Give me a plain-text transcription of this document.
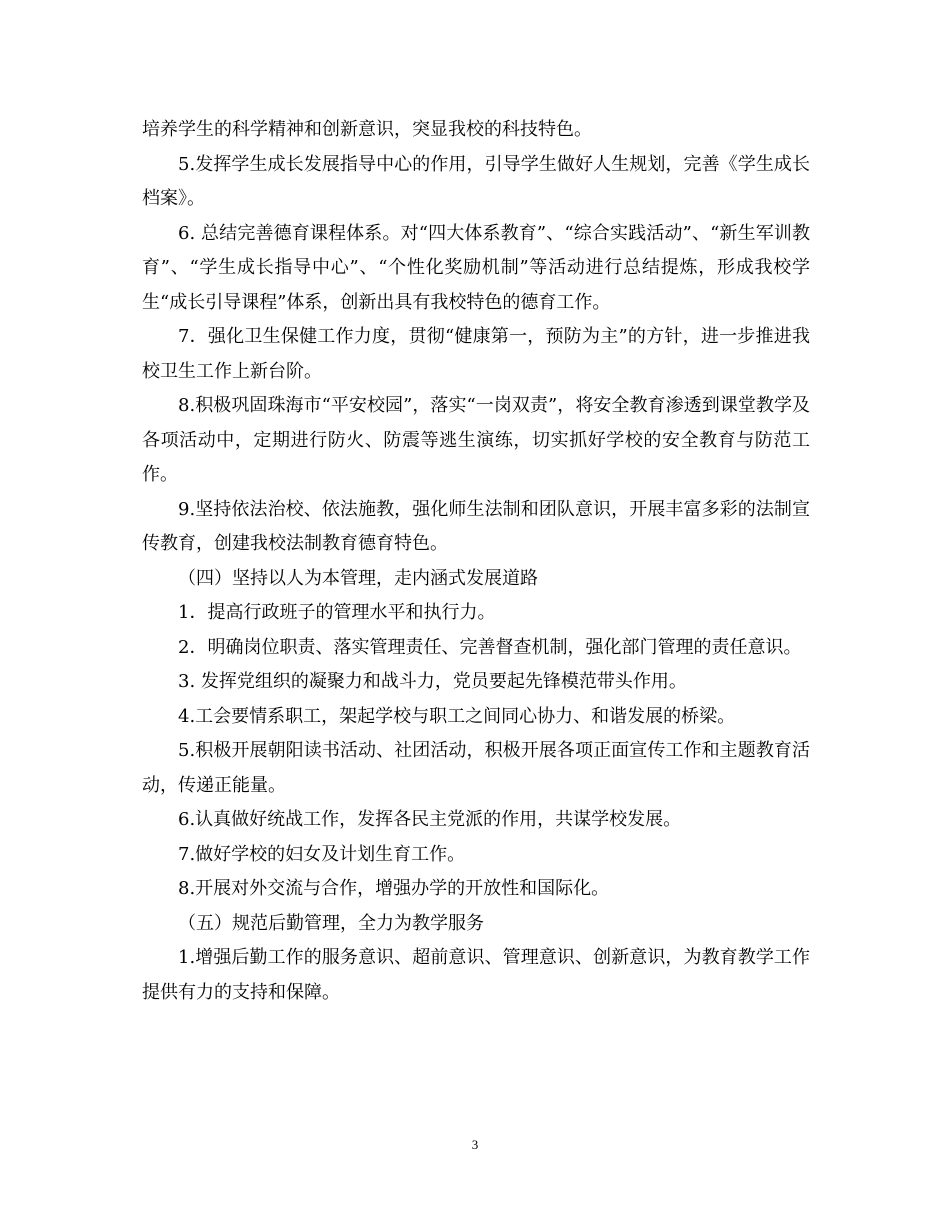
培养学生的科学精神和创新意识，突显我校的科技特色。

5.发挥学生成长发展指导中心的作用，引导学生做好人生规划，完善《学生成长档案》。

6. 总结完善德育课程体系。对“四大体系教育”、“综合实践活动”、“新生军训教育”、“学生成长指导中心”、“个性化奖励机制”等活动进行总结提炼，形成我校学生“成长引导课程”体系，创新出具有我校特色的德育工作。

7．强化卫生保健工作力度，贯彻“健康第一，预防为主”的方针，进一步推进我校卫生工作上新台阶。

8.积极巩固珠海市“平安校园”，落实“一岗双责”，将安全教育渗透到课堂教学及各项活动中，定期进行防火、防震等逃生演练，切实抓好学校的安全教育与防范工作。

9.坚持依法治校、依法施教，强化师生法制和团队意识，开展丰富多彩的法制宣传教育，创建我校法制教育德育特色。

（四）坚持以人为本管理，走内涵式发展道路

1．提高行政班子的管理水平和执行力。

2．明确岗位职责、落实管理责任、完善督查机制，强化部门管理的责任意识。

3. 发挥党组织的凝聚力和战斗力，党员要起先锋模范带头作用。

4.工会要情系职工，架起学校与职工之间同心协力、和谐发展的桥梁。

5.积极开展朝阳读书活动、社团活动，积极开展各项正面宣传工作和主题教育活动，传递正能量。

6.认真做好统战工作，发挥各民主党派的作用，共谋学校发展。

7.做好学校的妇女及计划生育工作。

8.开展对外交流与合作，增强办学的开放性和国际化。

（五）规范后勤管理，全力为教学服务

1.增强后勤工作的服务意识、超前意识、管理意识、创新意识，为教育教学工作提供有力的支持和保障。

3
